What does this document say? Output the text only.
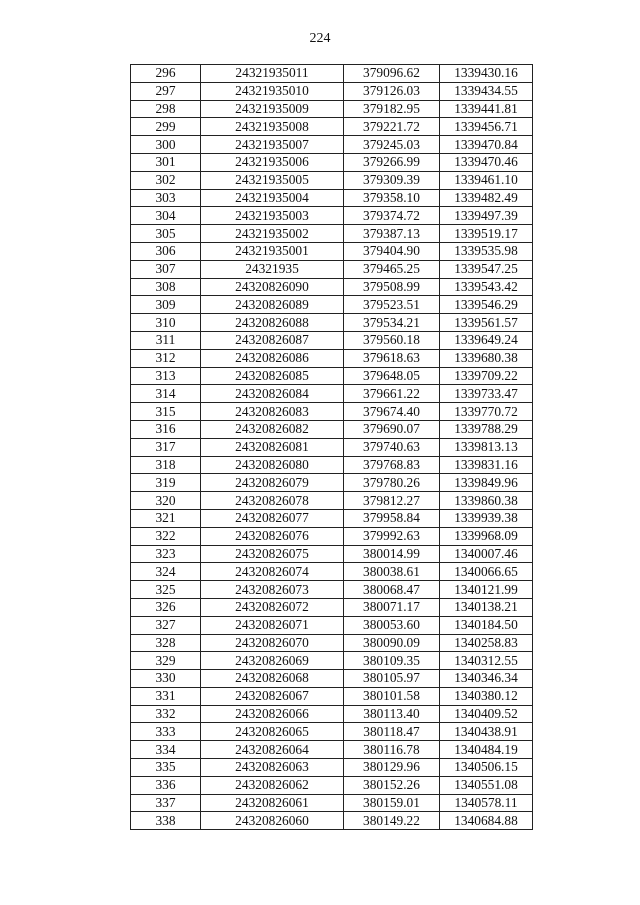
224
296	24321935011	379096.62	1339430.16
297	24321935010	379126.03	1339434.55
298	24321935009	379182.95	1339441.81
299	24321935008	379221.72	1339456.71
300	24321935007	379245.03	1339470.84
301	24321935006	379266.99	1339470.46
302	24321935005	379309.39	1339461.10
303	24321935004	379358.10	1339482.49
304	24321935003	379374.72	1339497.39
305	24321935002	379387.13	1339519.17
306	24321935001	379404.90	1339535.98
307	24321935	379465.25	1339547.25
308	24320826090	379508.99	1339543.42
309	24320826089	379523.51	1339546.29
310	24320826088	379534.21	1339561.57
311	24320826087	379560.18	1339649.24
312	24320826086	379618.63	1339680.38
313	24320826085	379648.05	1339709.22
314	24320826084	379661.22	1339733.47
315	24320826083	379674.40	1339770.72
316	24320826082	379690.07	1339788.29
317	24320826081	379740.63	1339813.13
318	24320826080	379768.83	1339831.16
319	24320826079	379780.26	1339849.96
320	24320826078	379812.27	1339860.38
321	24320826077	379958.84	1339939.38
322	24320826076	379992.63	1339968.09
323	24320826075	380014.99	1340007.46
324	24320826074	380038.61	1340066.65
325	24320826073	380068.47	1340121.99
326	24320826072	380071.17	1340138.21
327	24320826071	380053.60	1340184.50
328	24320826070	380090.09	1340258.83
329	24320826069	380109.35	1340312.55
330	24320826068	380105.97	1340346.34
331	24320826067	380101.58	1340380.12
332	24320826066	380113.40	1340409.52
333	24320826065	380118.47	1340438.91
334	24320826064	380116.78	1340484.19
335	24320826063	380129.96	1340506.15
336	24320826062	380152.26	1340551.08
337	24320826061	380159.01	1340578.11
338	24320826060	380149.22	1340684.88
